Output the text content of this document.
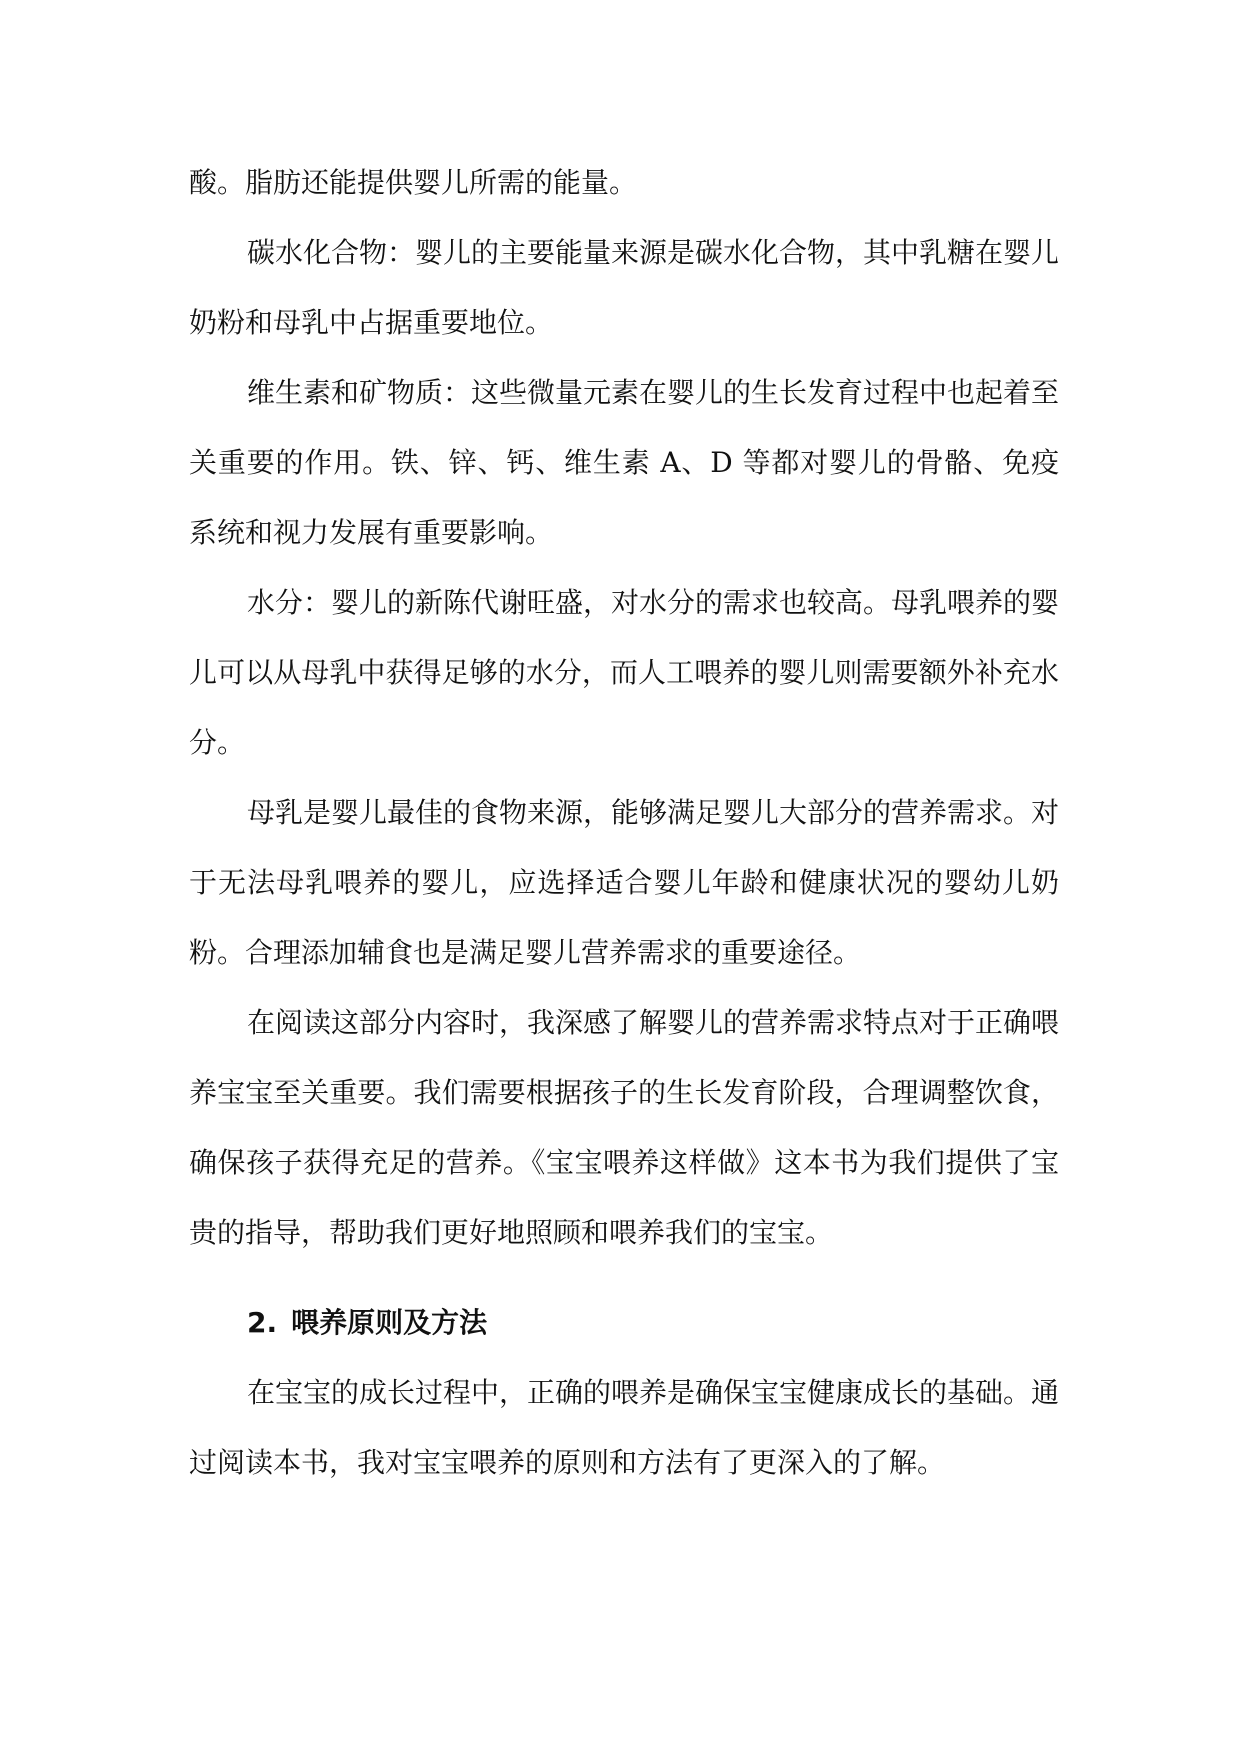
酸。脂肪还能提供婴儿所需的能量。

碳水化合物：婴儿的主要能量来源是碳水化合物，其中乳糖在婴儿奶粉和母乳中占据重要地位。

维生素和矿物质：这些微量元素在婴儿的生长发育过程中也起着至关重要的作用。铁、锌、钙、维生素 A、D 等都对婴儿的骨骼、免疫系统和视力发展有重要影响。

水分：婴儿的新陈代谢旺盛，对水分的需求也较高。母乳喂养的婴儿可以从母乳中获得足够的水分，而人工喂养的婴儿则需要额外补充水分。

母乳是婴儿最佳的食物来源，能够满足婴儿大部分的营养需求。对于无法母乳喂养的婴儿，应选择适合婴儿年龄和健康状况的婴幼儿奶粉。合理添加辅食也是满足婴儿营养需求的重要途径。

在阅读这部分内容时，我深感了解婴儿的营养需求特点对于正确喂养宝宝至关重要。我们需要根据孩子的生长发育阶段，合理调整饮食，确保孩子获得充足的营养。《宝宝喂养这样做》这本书为我们提供了宝贵的指导，帮助我们更好地照顾和喂养我们的宝宝。

2. 喂养原则及方法

在宝宝的成长过程中，正确的喂养是确保宝宝健康成长的基础。通过阅读本书，我对宝宝喂养的原则和方法有了更深入的了解。
